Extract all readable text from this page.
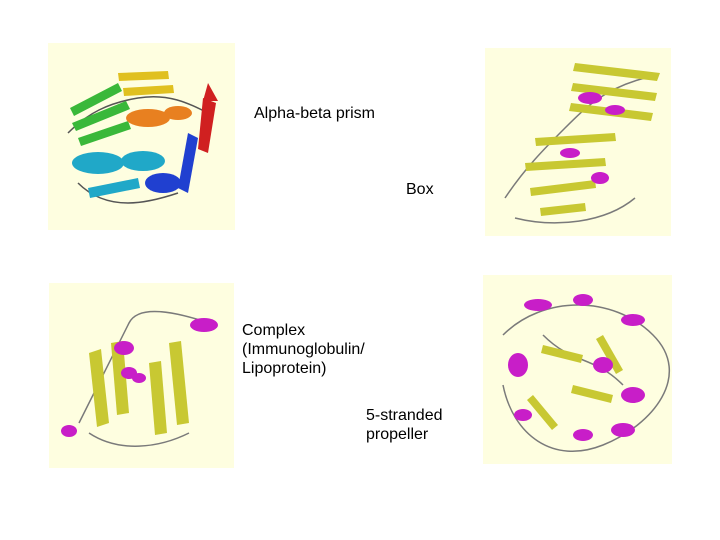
Alpha-beta prism
Box
Complex
(Immunoglobulin/
Lipoprotein)
5-stranded
propeller
